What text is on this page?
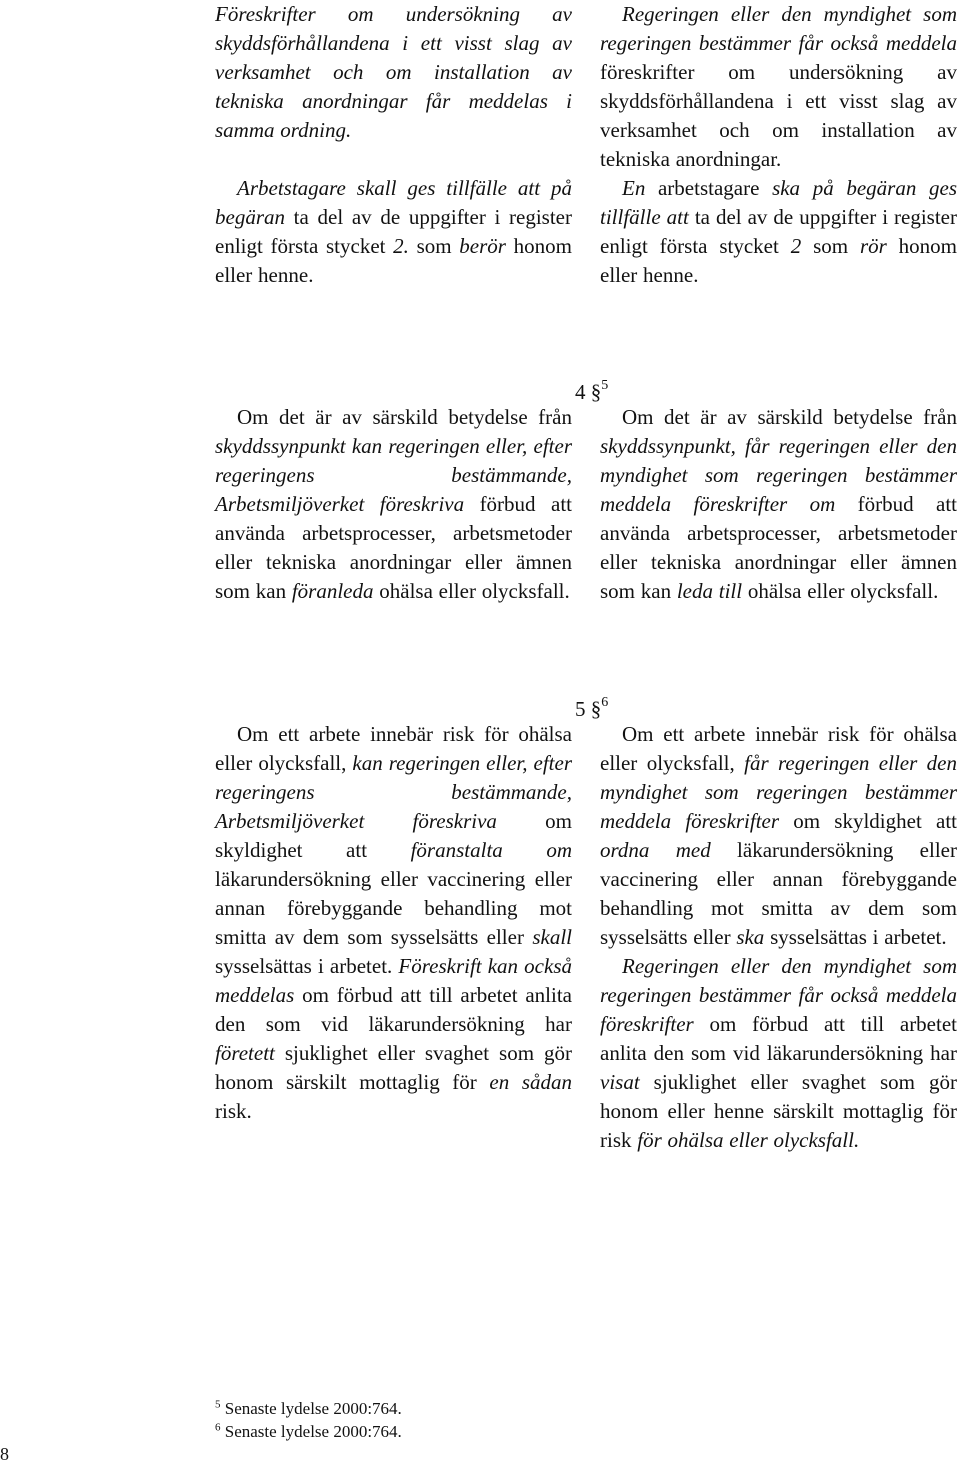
Föreskrifter om undersökning av skyddsförhållandena i ett visst slag av verksamhet och om installation av tekniska anordningar får meddelas i samma ordning.

Arbetstagare skall ges tillfälle att på begäran ta del av de uppgifter i register enligt första stycket 2. som berör honom eller henne.

Regeringen eller den myndighet som regeringen bestämmer får också meddela föreskrifter om undersökning av skyddsförhållandena i ett visst slag av verksamhet och om installation av tekniska anordningar.

En arbetstagare ska på begäran ges tillfälle att ta del av de uppgifter i register enligt första stycket 2 som rör honom eller henne.

4 §$^5$

Om det är av särskild betydelse från skyddssynpunkt kan regeringen eller, efter regeringens bestämmande, Arbetsmiljöverket föreskriva förbud att använda arbetsprocesser, arbetsmetoder eller tekniska anordningar eller ämnen som kan föranleda ohälsa eller olycksfall.

Om det är av särskild betydelse från skyddssynpunkt, får regeringen eller den myndighet som regeringen bestämmer meddela föreskrifter om förbud att använda arbetsprocesser, arbetsmetoder eller tekniska anordningar eller ämnen som kan leda till ohälsa eller olycksfall.

5 §$^6$

Om ett arbete innebär risk för ohälsa eller olycksfall, kan regeringen eller, efter regeringens bestämmande, Arbetsmiljöverket föreskriva om skyldighet att föranstalta om läkarundersökning eller vaccinering eller annan förebyggande behandling mot smitta av dem som sysselsätts eller skall sysselsättas i arbetet. Föreskrift kan också meddelas om förbud att till arbetet anlita den som vid läkarundersökning har företett sjuklighet eller svaghet som gör honom särskilt mottaglig för en sådan risk.

Om ett arbete innebär risk för ohälsa eller olycksfall, får regeringen eller den myndighet som regeringen bestämmer meddela föreskrifter om skyldighet att ordna med läkarundersökning eller vaccinering eller annan förebyggande behandling mot smitta av dem som sysselsätts eller ska sysselsättas i arbetet.

Regeringen eller den myndighet som regeringen bestämmer får också meddela föreskrifter om förbud att till arbetet anlita den som vid läkarundersökning har visat sjuklighet eller svaghet som gör honom eller henne särskilt mottaglig för risk för ohälsa eller olycksfall.

$^5$ Senaste lydelse 2000:764.
$^6$ Senaste lydelse 2000:764.
8
